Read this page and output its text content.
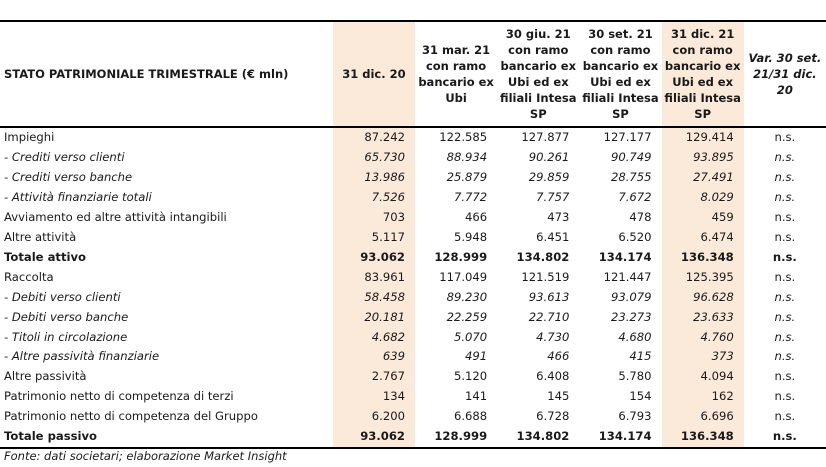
STATO PATRIMONIALE TRIMESTRALE (€ mln)	31 dic. 20	31 mar. 21 con ramo bancario ex Ubi	30 giu. 21 con ramo bancario ex Ubi ed ex filiali Intesa SP	30 set. 21 con ramo bancario ex Ubi ed ex filiali Intesa SP	31 dic. 21 con ramo bancario ex Ubi ed ex filiali Intesa SP	Var. 30 set. 21/31 dic. 20
Impieghi	87.242	122.585	127.877	127.177	129.414	n.s.
- Crediti verso clienti	65.730	88.934	90.261	90.749	93.895	n.s.
- Crediti verso banche	13.986	25.879	29.859	28.755	27.491	n.s.
- Attività finanziarie totali	7.526	7.772	7.757	7.672	8.029	n.s.
Avviamento ed altre attività intangibili	703	466	473	478	459	n.s.
Altre attività	5.117	5.948	6.451	6.520	6.474	n.s.
Totale attivo	93.062	128.999	134.802	134.174	136.348	n.s.
Raccolta	83.961	117.049	121.519	121.447	125.395	n.s.
- Debiti verso clienti	58.458	89.230	93.613	93.079	96.628	n.s.
- Debiti verso banche	20.181	22.259	22.710	23.273	23.633	n.s.
- Titoli in circolazione	4.682	5.070	4.730	4.680	4.760	n.s.
- Altre passività finanziarie	639	491	466	415	373	n.s.
Altre passività	2.767	5.120	6.408	5.780	4.094	n.s.
Patrimonio netto di competenza di terzi	134	141	145	154	162	n.s.
Patrimonio netto di competenza del Gruppo	6.200	6.688	6.728	6.793	6.696	n.s.
Totale passivo	93.062	128.999	134.802	134.174	136.348	n.s.
Fonte: dati societari; elaborazione Market Insight
